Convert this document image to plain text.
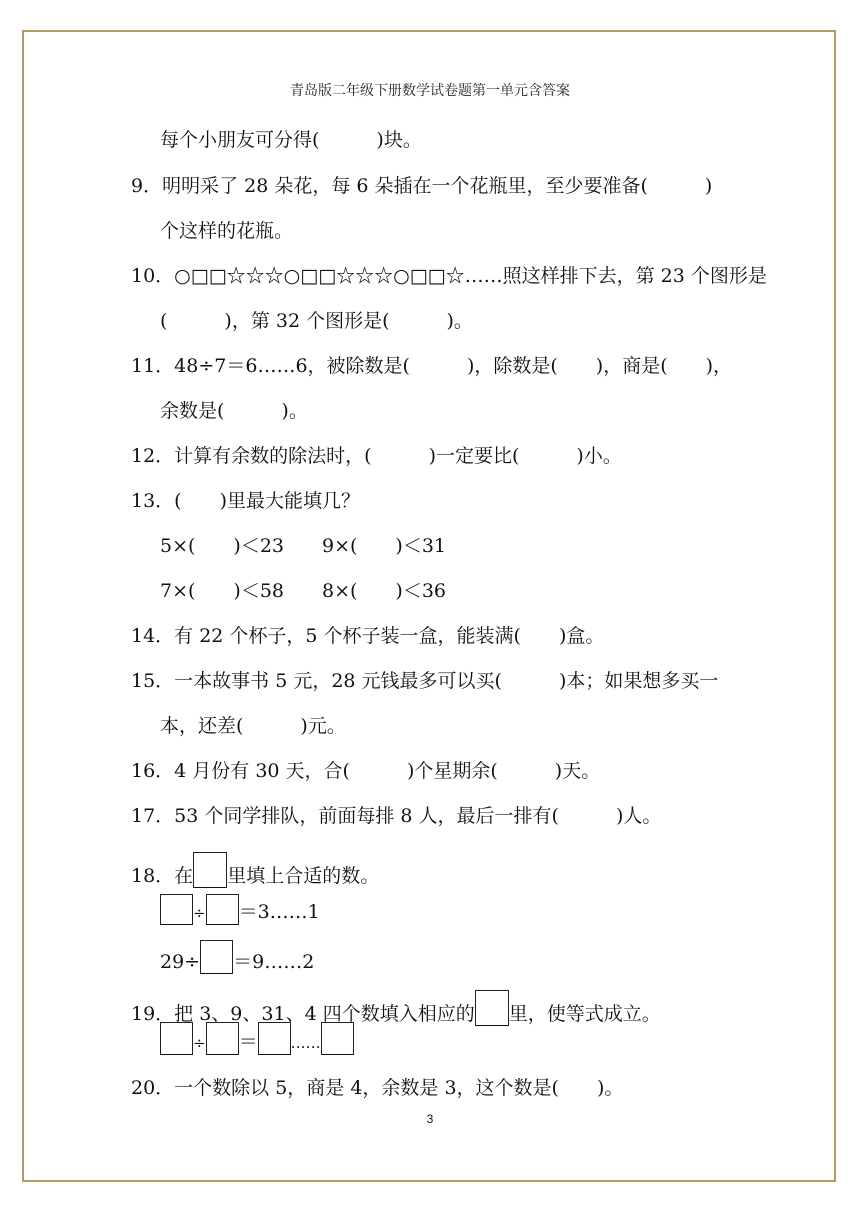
青岛版二年级下册数学试卷题第一单元含答案
每个小朋友可分得(　　　)块。
9．明明采了 28 朵花，每 6 朵插在一个花瓶里，至少要准备(　　　)
个这样的花瓶。
10．○□□☆☆☆○□□☆☆☆○□□☆……照这样排下去，第 23 个图形是
(　　　)，第 32 个图形是(　　　)。
11．48÷7＝6……6，被除数是(　　　)，除数是(　　)，商是(　　)，
余数是(　　　)。
12．计算有余数的除法时，(　　　)一定要比(　　　)小。
13．(　　)里最大能填几？
5×(　　)＜23　　9×(　　)＜31
7×(　　)＜58　　8×(　　)＜36
14．有 22 个杯子，5 个杯子装一盒，能装满(　　)盒。
15．一本故事书 5 元，28 元钱最多可以买(　　　)本；如果想多买一
本，还差(　　　)元。
16．4 月份有 30 天，合(　　　)个星期余(　　　)天。
17．53 个同学排队，前面每排 8 人，最后一排有(　　　)人。
18．在 里填上合适的数。
÷ ＝3……1
29÷ ＝9……2
19．把 3、9、31、4 四个数填入相应的 里，使等式成立。
÷ ＝ ……
20．一个数除以 5，商是 4，余数是 3，这个数是(　　)。
3
